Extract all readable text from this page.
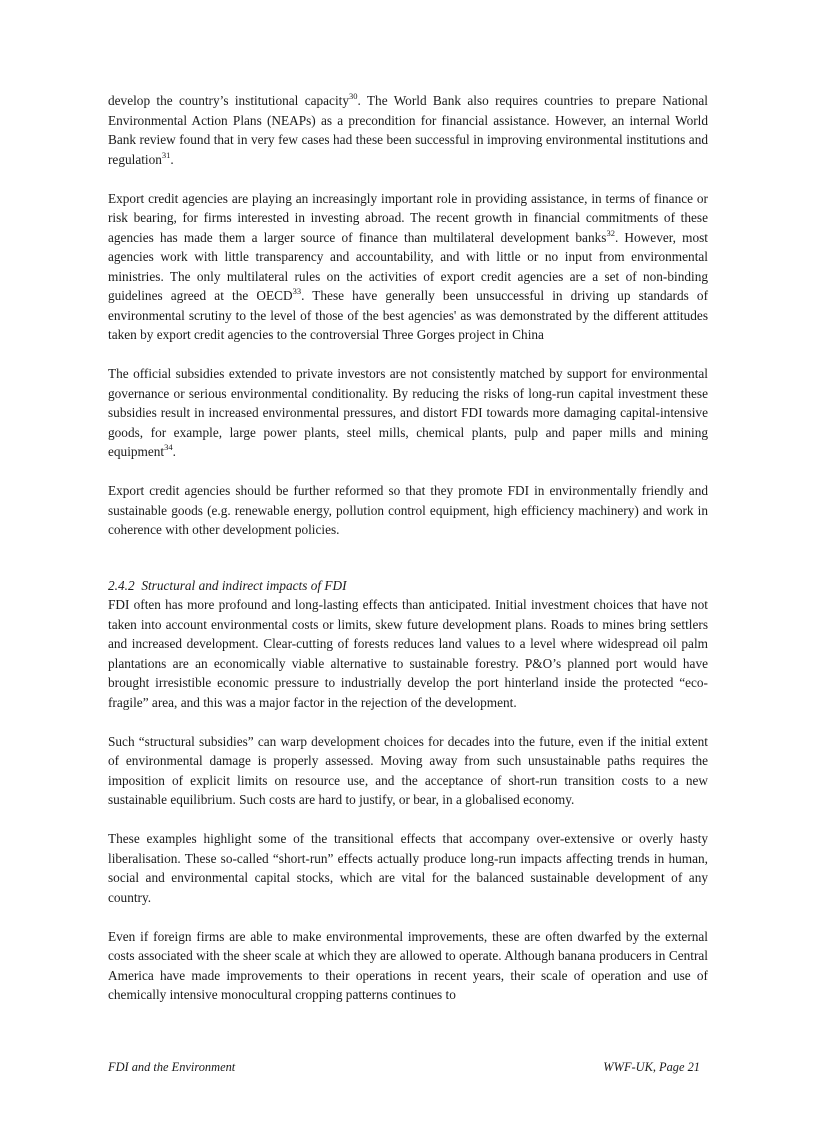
develop the country’s institutional capacity$^{30}$. The World Bank also requires countries to prepare National Environmental Action Plans (NEAPs) as a precondition for financial assistance. However, an internal World Bank review found that in very few cases had these been successful in improving environmental institutions and regulation$^{31}$.

Export credit agencies are playing an increasingly important role in providing assistance, in terms of finance or risk bearing, for firms interested in investing abroad. The recent growth in financial commitments of these agencies has made them a larger source of finance than multilateral development banks$^{32}$. However, most agencies work with little transparency and accountability, and with little or no input from environmental ministries. The only multilateral rules on the activities of export credit agencies are a set of non-binding guidelines agreed at the OECD$^{33}$. These have generally been unsuccessful in driving up standards of environmental scrutiny to the level of those of the best agencies' as was demonstrated by the different attitudes taken by export credit agencies to the controversial Three Gorges project in China

The official subsidies extended to private investors are not consistently matched by support for environmental governance or serious environmental conditionality. By reducing the risks of long-run capital investment these subsidies result in increased environmental pressures, and distort FDI towards more damaging capital-intensive goods, for example, large power plants, steel mills, chemical plants, pulp and paper mills and mining equipment$^{34}$.

Export credit agencies should be further reformed so that they promote FDI in environmentally friendly and sustainable goods (e.g. renewable energy, pollution control equipment, high efficiency machinery) and work in coherence with other development policies.

2.4.2 Structural and indirect impacts of FDI

FDI often has more profound and long-lasting effects than anticipated. Initial investment choices that have not taken into account environmental costs or limits, skew future development plans. Roads to mines bring settlers and increased development. Clear-cutting of forests reduces land values to a level where widespread oil palm plantations are an economically viable alternative to sustainable forestry. P&O’s planned port would have brought irresistible economic pressure to industrially develop the port hinterland inside the protected “eco-fragile” area, and this was a major factor in the rejection of the development.

Such “structural subsidies” can warp development choices for decades into the future, even if the initial extent of environmental damage is properly assessed. Moving away from such unsustainable paths requires the imposition of explicit limits on resource use, and the acceptance of short-run transition costs to a new sustainable equilibrium. Such costs are hard to justify, or bear, in a globalised economy.

These examples highlight some of the transitional effects that accompany over-extensive or overly hasty liberalisation. These so-called “short-run” effects actually produce long-run impacts affecting trends in human, social and environmental capital stocks, which are vital for the balanced sustainable development of any country.

Even if foreign firms are able to make environmental improvements, these are often dwarfed by the external costs associated with the sheer scale at which they are allowed to operate. Although banana producers in Central America have made improvements to their operations in recent years, their scale of operation and use of chemically intensive monocultural cropping patterns continues to

FDI and the Environment	WWF-UK, Page 21
